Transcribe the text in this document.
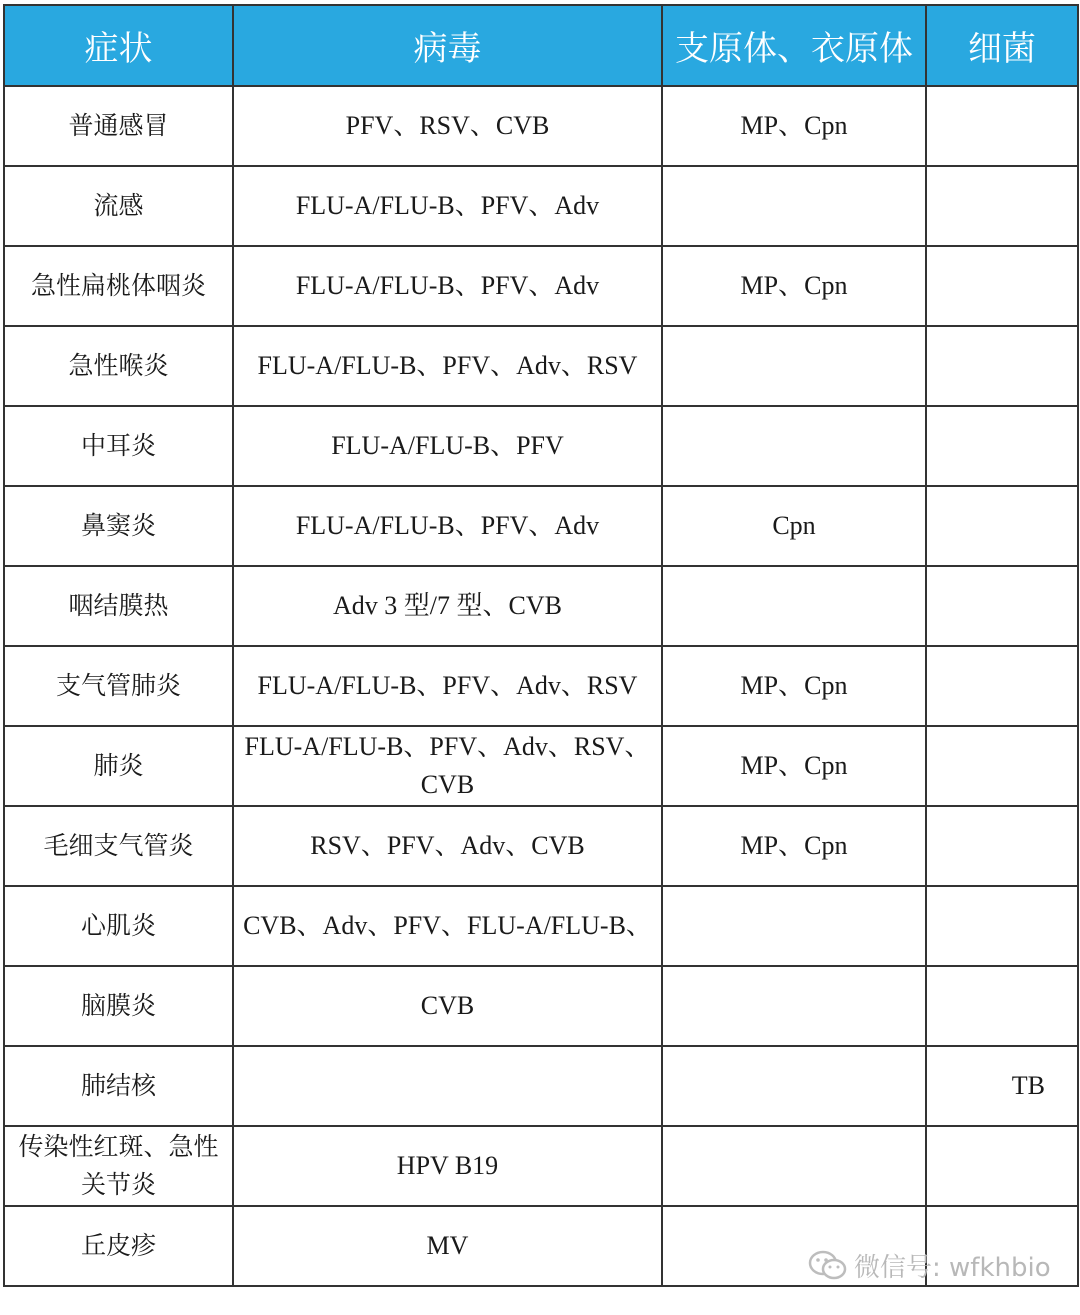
症状	病毒	支原体、衣原体	细菌
普通感冒	PFV、RSV、CVB	MP、Cpn	
流感	FLU-A/FLU-B、PFV、Adv		
急性扁桃体咽炎	FLU-A/FLU-B、PFV、Adv	MP、Cpn	
急性喉炎	FLU-A/FLU-B、PFV、Adv、RSV		
中耳炎	FLU-A/FLU-B、PFV		
鼻窦炎	FLU-A/FLU-B、PFV、Adv	Cpn	
咽结膜热	Adv 3 型/7 型、CVB		
支气管肺炎	FLU-A/FLU-B、PFV、Adv、RSV	MP、Cpn	
肺炎	FLU-A/FLU-B、PFV、Adv、RSV、CVB	MP、Cpn	
毛细支气管炎	RSV、PFV、Adv、CVB	MP、Cpn	
心肌炎	CVB、Adv、PFV、FLU-A/FLU-B、		
脑膜炎	CVB		
肺结核			TB
传染性红斑、急性关节炎	HPV B19		
丘皮疹	MV		
微信号: wfkhbio
